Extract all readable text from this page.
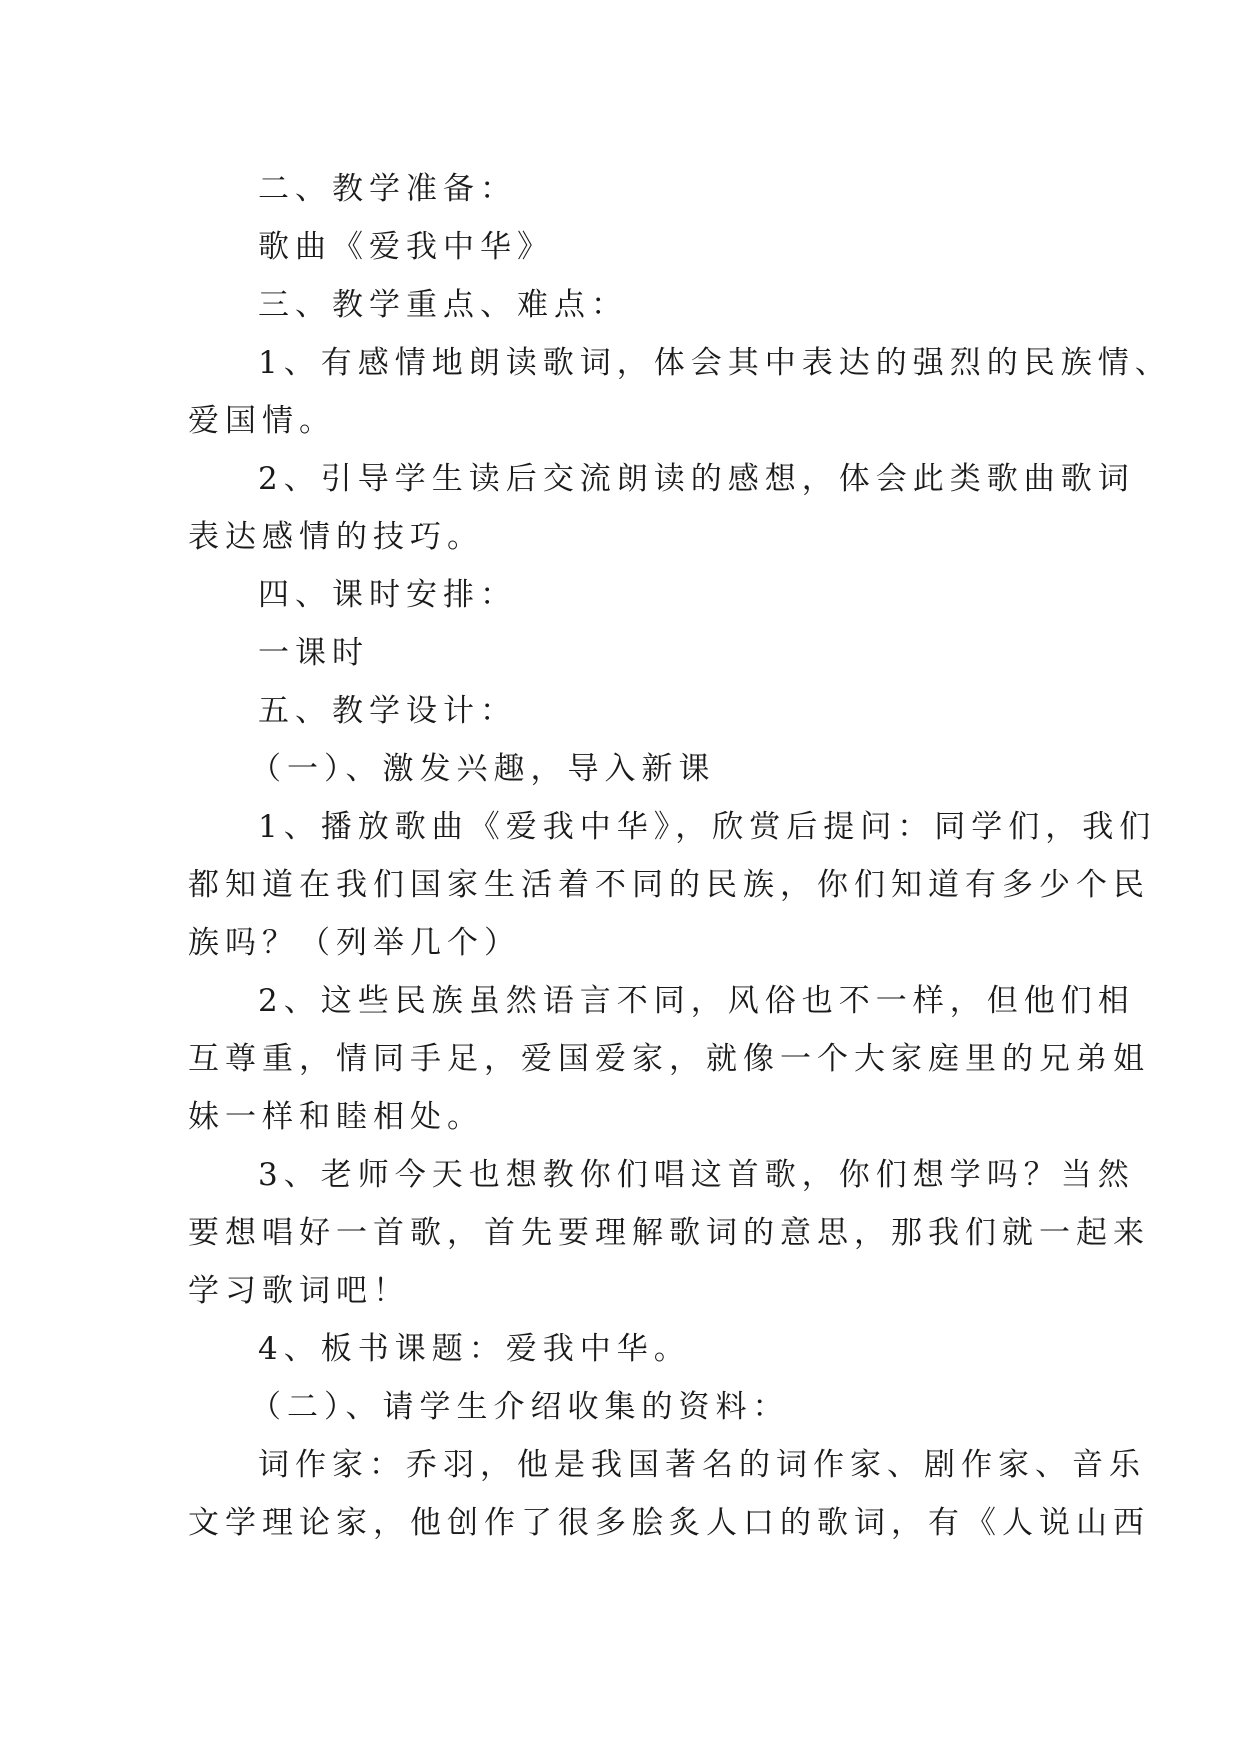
二、教学准备：
歌曲《爱我中华》
三、教学重点、难点：
1、有感情地朗读歌词，体会其中表达的强烈的民族情、
爱国情。
2、引导学生读后交流朗读的感想，体会此类歌曲歌词
表达感情的技巧。
四、课时安排：
一课时
五、教学设计：
（一）、激发兴趣，导入新课
1、播放歌曲《爱我中华》，欣赏后提问：同学们，我们
都知道在我们国家生活着不同的民族，你们知道有多少个民
族吗？（列举几个）
2、这些民族虽然语言不同，风俗也不一样，但他们相
互尊重，情同手足，爱国爱家，就像一个大家庭里的兄弟姐
妹一样和睦相处。
3、老师今天也想教你们唱这首歌，你们想学吗？当然
要想唱好一首歌，首先要理解歌词的意思，那我们就一起来
学习歌词吧！
4、板书课题：爱我中华。
（二）、请学生介绍收集的资料：
词作家：乔羽，他是我国著名的词作家、剧作家、音乐
文学理论家，他创作了很多脍炙人口的歌词，有《人说山西
